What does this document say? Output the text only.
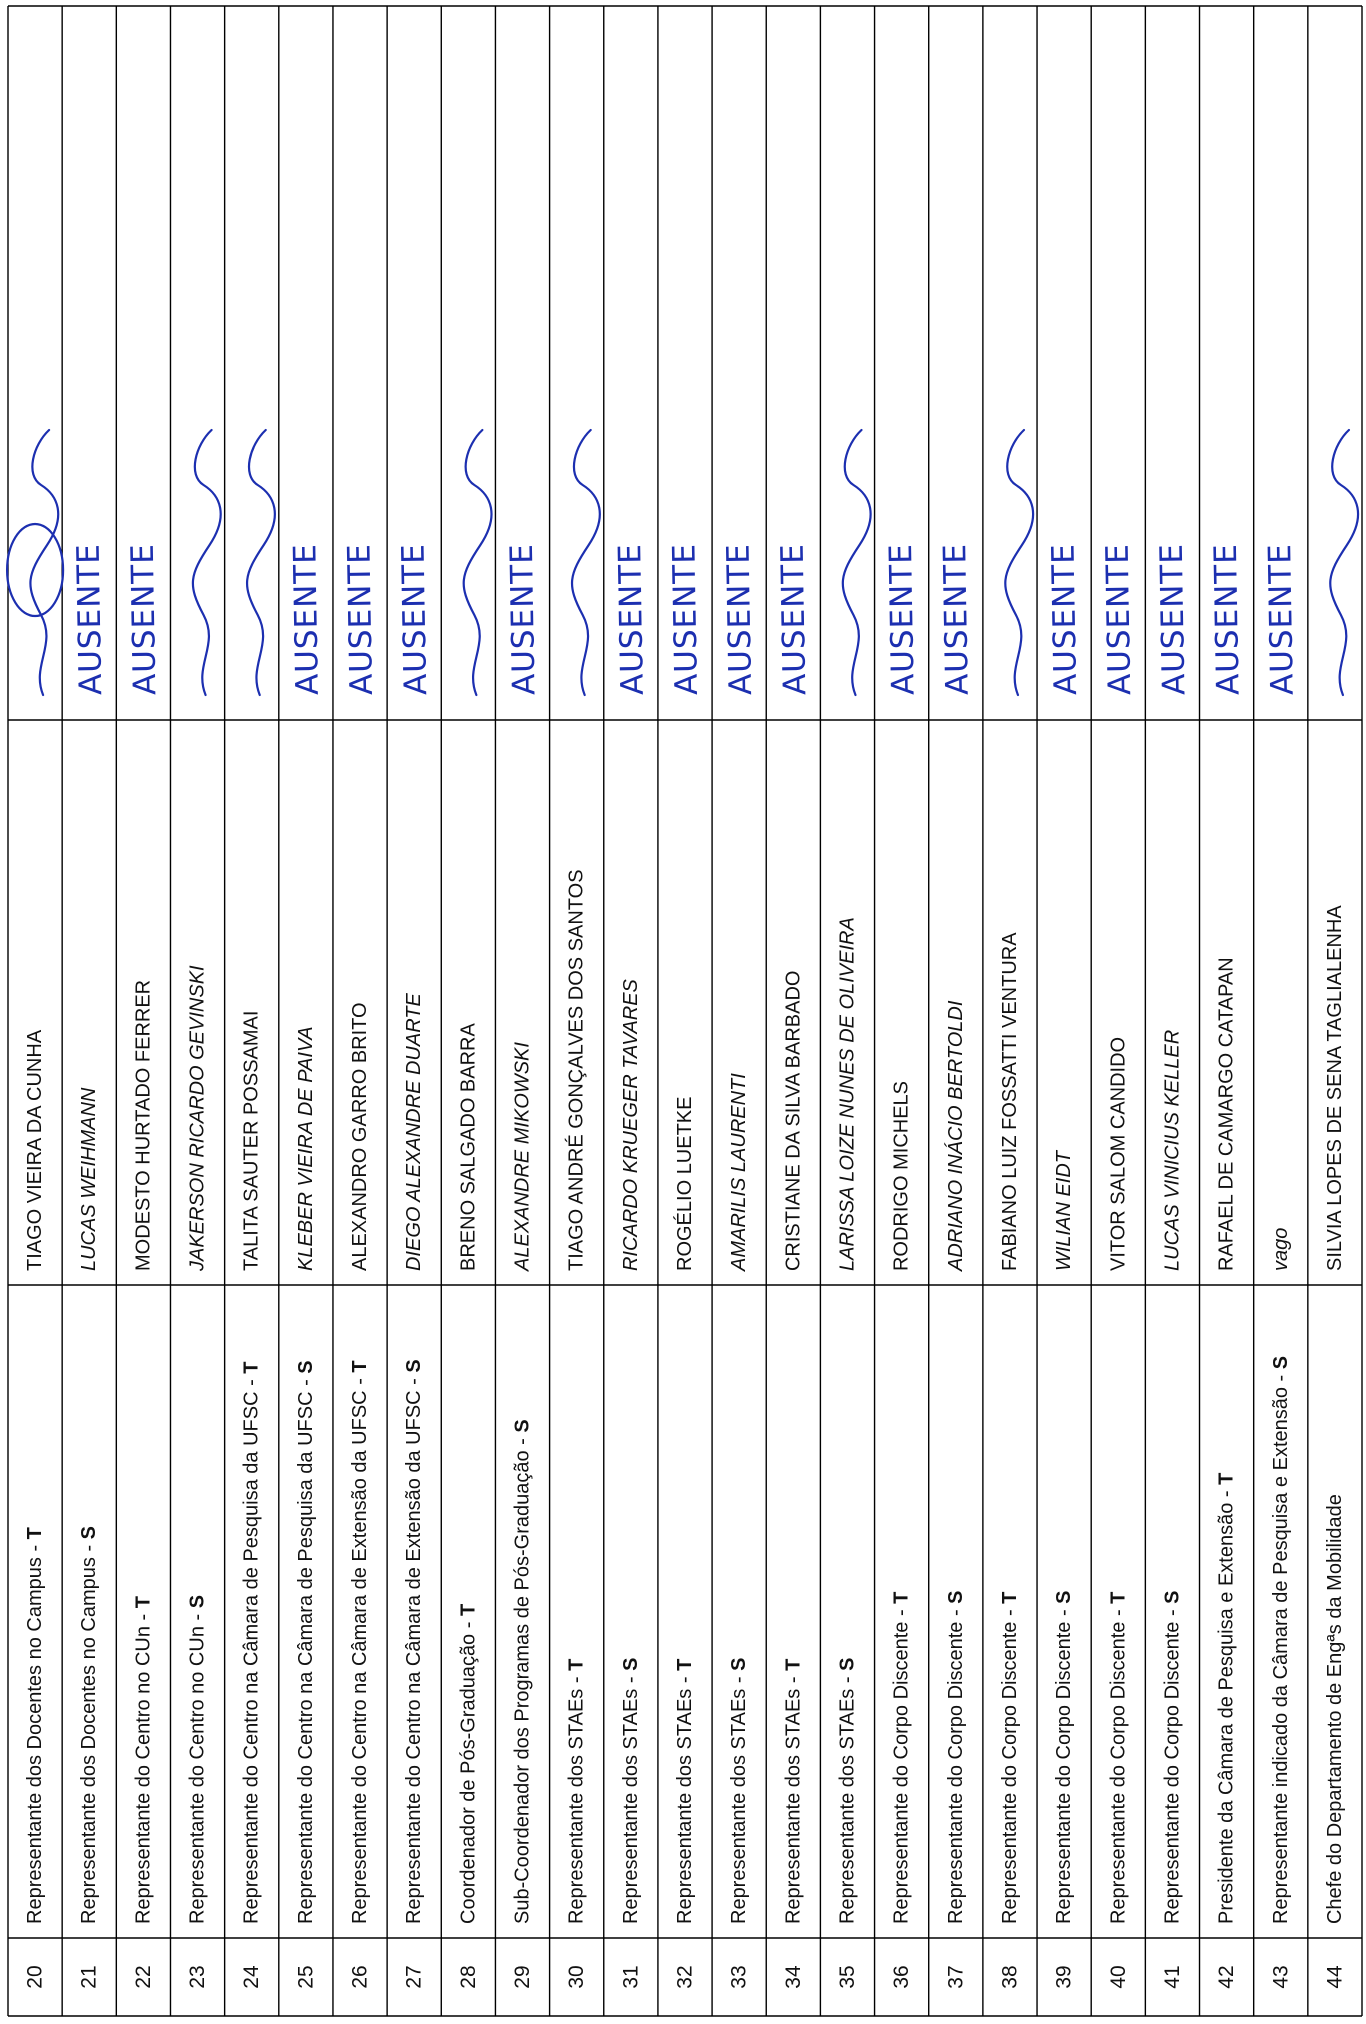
20
Representante dos Docentes no Campus - T
TIAGO VIEIRA DA CUNHA
21
Representante dos Docentes no Campus - S
LUCAS WEIHMANN
AUSENTE
22
Representante do Centro no CUn - T
MODESTO HURTADO FERRER
AUSENTE
23
Representante do Centro no CUn - S
JAKERSON RICARDO GEVINSKI
24
Representante do Centro na Câmara de Pesquisa da UFSC - T
TALITA SAUTER POSSAMAI
25
Representante do Centro na Câmara de Pesquisa da UFSC - S
KLEBER VIEIRA DE PAIVA
AUSENTE
26
Representante do Centro na Câmara de Extensão da UFSC - T
ALEXANDRO GARRO BRITO
AUSENTE
27
Representante do Centro na Câmara de Extensão da UFSC - S
DIEGO ALEXANDRE DUARTE
AUSENTE
28
Coordenador de Pós-Graduação - T
BRENO SALGADO BARRA
29
Sub-Coordenador dos Programas de Pós-Graduação - S
ALEXANDRE MIKOWSKI
AUSENTE
30
Representante dos STAEs - T
TIAGO ANDRÉ GONÇALVES DOS SANTOS
31
Representante dos STAEs - S
RICARDO KRUEGER TAVARES
AUSENTE
32
Representante dos STAEs - T
ROGÉLIO LUETKE
AUSENTE
33
Representante dos STAEs - S
AMARILIS LAURENTI
AUSENTE
34
Representante dos STAEs - T
CRISTIANE DA SILVA BARBADO
AUSENTE
35
Representante dos STAEs - S
LARISSA LOIZE NUNES DE OLIVEIRA
36
Representante do Corpo Discente - T
RODRIGO MICHELS
AUSENTE
37
Representante do Corpo Discente - S
ADRIANO INÁCIO BERTOLDI
AUSENTE
38
Representante do Corpo Discente - T
FABIANO LUIZ FOSSATTI VENTURA
39
Representante do Corpo Discente - S
WILIAN EIDT
AUSENTE
40
Representante do Corpo Discente - T
VITOR SALOM CANDIDO
AUSENTE
41
Representante do Corpo Discente - S
LUCAS VINICIUS KELLER
AUSENTE
42
Presidente da Câmara de Pesquisa e Extensão - T
RAFAEL DE CAMARGO CATAPAN
AUSENTE
43
Representante indicado da Câmara de Pesquisa e Extensão - S
vago
AUSENTE
44
Chefe do Departamento de Engªs da Mobilidade
SILVIA LOPES DE SENA TAGLIALENHA
